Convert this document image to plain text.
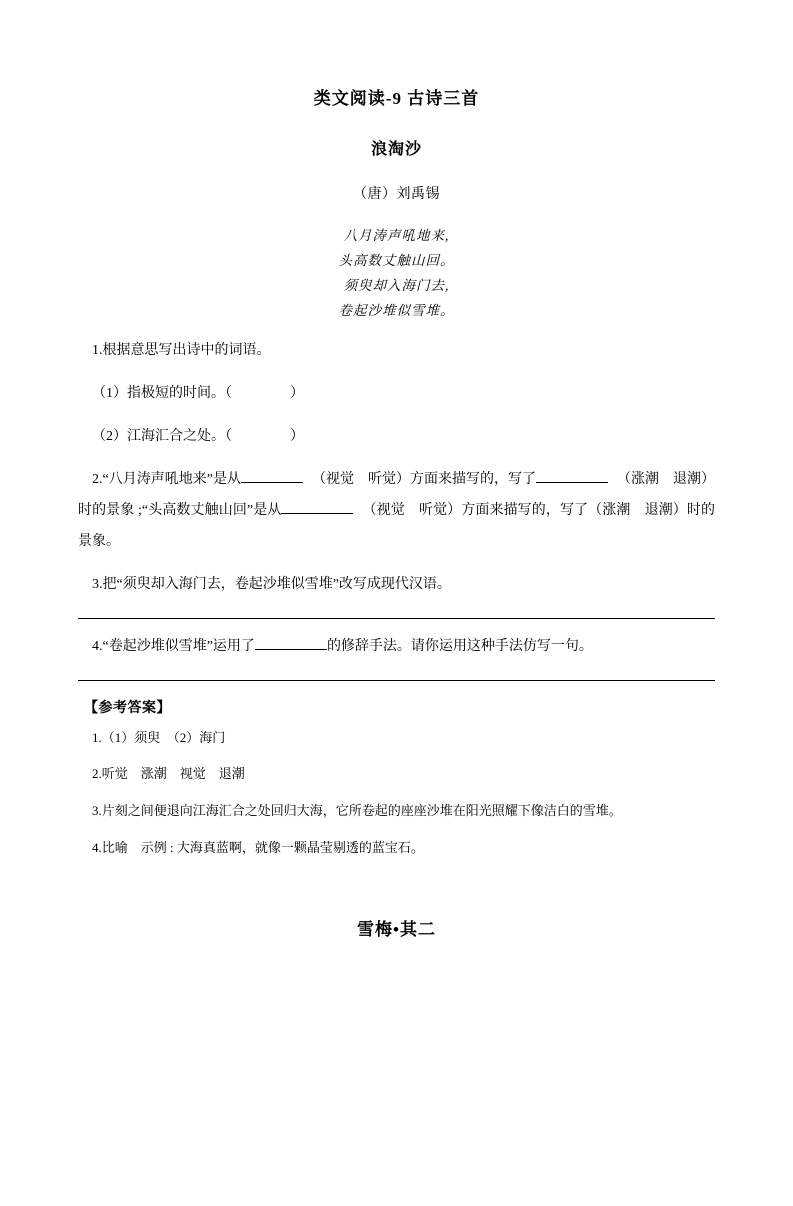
类文阅读-9 古诗三首
浪淘沙
（唐）刘禹锡
八月涛声吼地来,
头高数丈触山回。
须臾却入海门去,
卷起沙堆似雪堆。
1.根据意思写出诗中的词语。
（1）指极短的时间。（	）
（2）江海汇合之处。（	）
2.“八月涛声吼地来”是从	（视觉　听觉）方面来描写的，写了	（涨潮　退潮）时的景象 ;“头高数丈触山回”是从	（视觉　听觉）方面来描写的，写了（涨潮　退潮）时的景象。
3.把“须臾却入海门去，卷起沙堆似雪堆”改写成现代汉语。
4.“卷起沙堆似雪堆”运用了	的修辞手法。请你运用这种手法仿写一句。
【参考答案】
1.（1）须臾　（2）海门
2.听觉　涨潮　视觉　退潮
3.片刻之间便退向江海汇合之处回归大海，它所卷起的座座沙堆在阳光照耀下像洁白的雪堆。
4.比喻　示例 : 大海真蓝啊，就像一颗晶莹剔透的蓝宝石。
雪梅•其二
